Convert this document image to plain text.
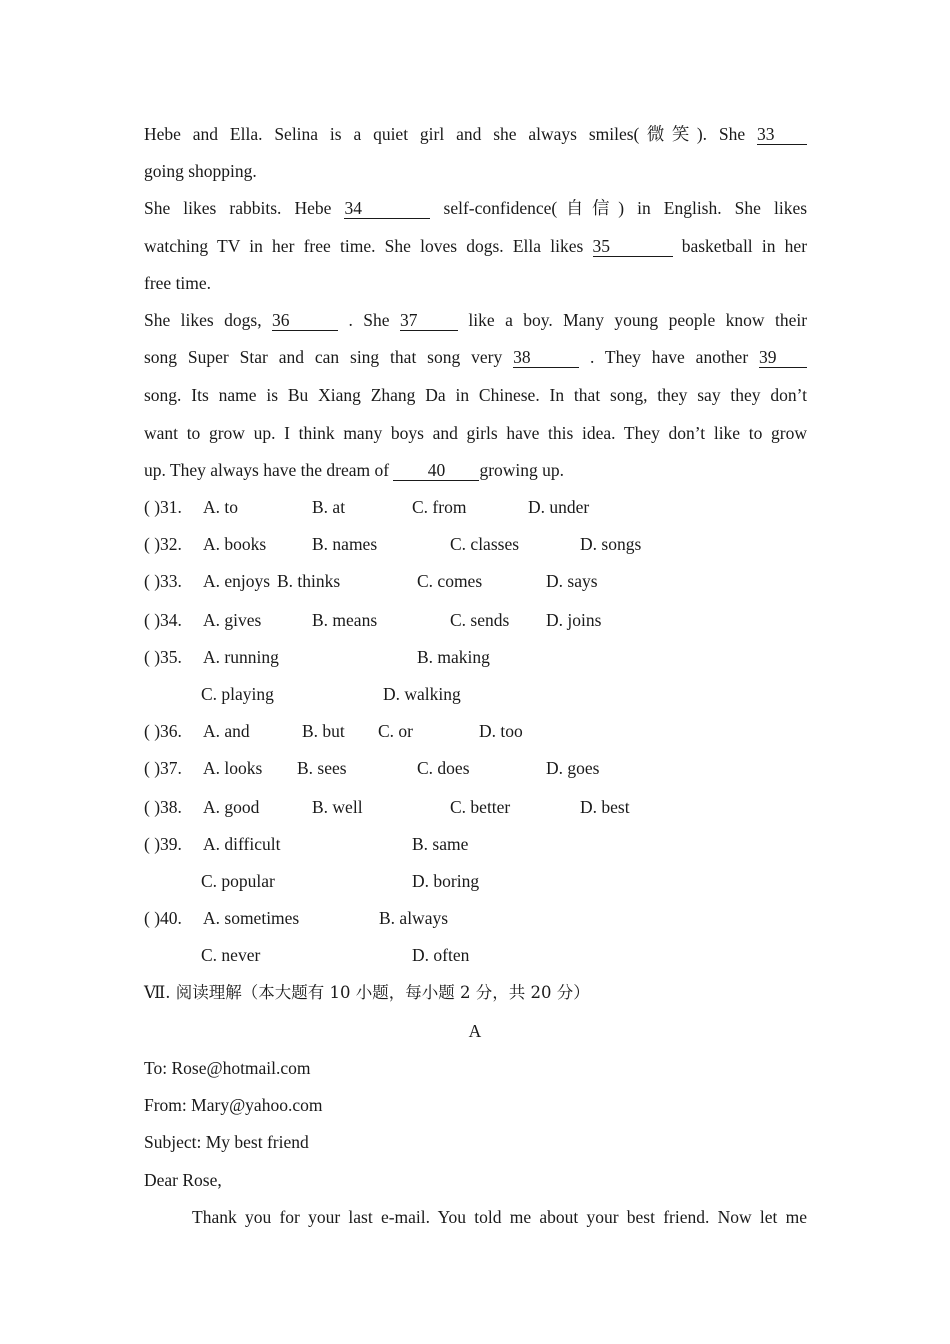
Hebe and Ella. Selina is a quiet girl and she always smiles(微笑). She 33
going shopping.
She likes rabbits. Hebe 34	self-confidence(自信) in English. She likes
watching TV in her free time. She loves dogs. Ella likes 35	basketball in her
free time.
She likes dogs, 36	. She 37	like a boy. Many young people know their
song Super Star and can sing that song very 38	. They have another 39
song. Its name is Bu Xiang Zhang Da in Chinese. In that song, they say they don’t
want to grow up. I think many boys and girls have this idea. They don’t like to grow
up. They always have the dream of 40 growing up.
( )31. A. to	B. at	C. from	D. under
( )32. A. books	B. names	C. classes	D. songs
( )33. A. enjoys B. thinks	C. comes	D. says
( )34. A. gives	B. means	C. sends D. joins
( )35. A. running	B. making
C. playing	D. walking
( )36. A. and	B. but C. or	D. too
( )37. A. looks B. sees	C. does	D. goes
( )38. A. good	B. well	C. better	D. best
( )39. A. difficult	B. same
C. popular	D. boring
( )40. A. sometimes	B. always
C. never	D. often
Ⅶ. 阅读理解（本大题有 10 小题，每小题 2 分，共 20 分）
A
To: Rose@hotmail.com
From: Mary@yahoo.com
Subject: My best friend
Dear Rose,
Thank you for your last e-mail. You told me about your best friend. Now let me
